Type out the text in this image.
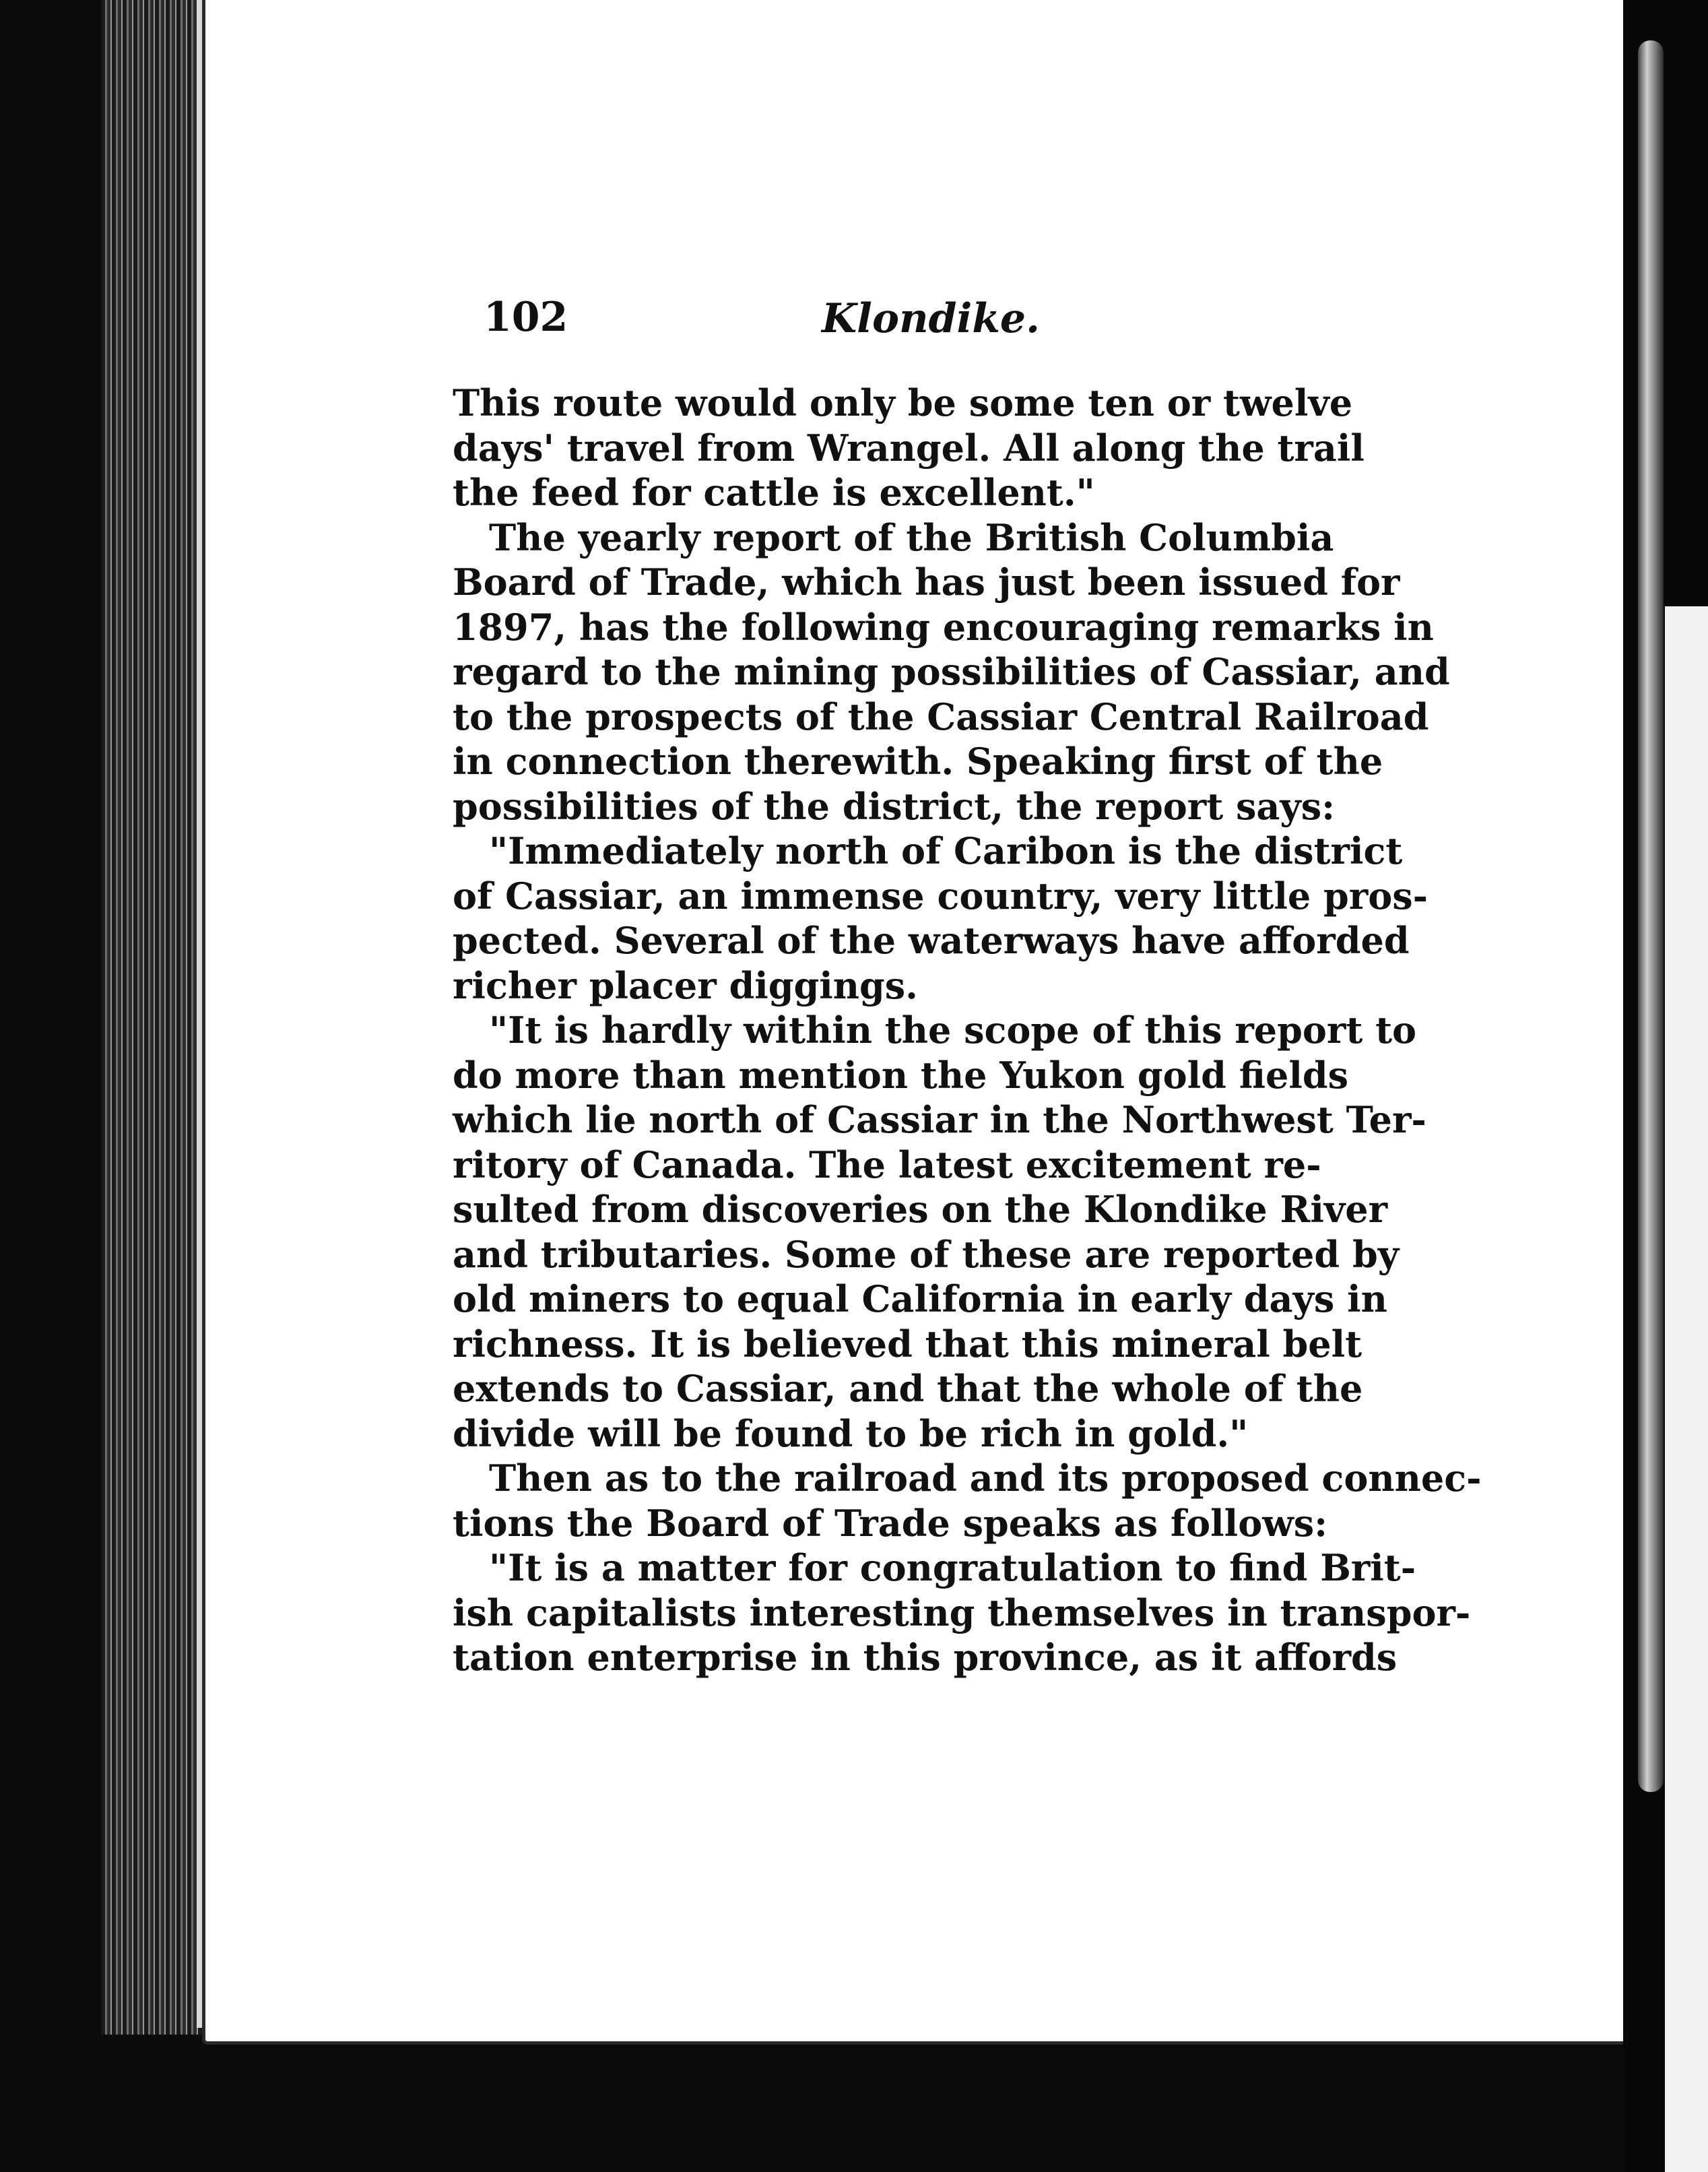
102	Klondike.
This route would only be some ten or twelve
days' travel from Wrangel. All along the trail
the feed for cattle is excellent."
The yearly report of the British Columbia
Board of Trade, which has just been issued for
1897, has the following encouraging remarks in
regard to the mining possibilities of Cassiar, and
to the prospects of the Cassiar Central Railroad
in connection therewith. Speaking first of the
possibilities of the district, the report says:
"Immediately north of Caribon is the district
of Cassiar, an immense country, very little pros-
pected. Several of the waterways have afforded
richer placer diggings.
"It is hardly within the scope of this report to
do more than mention the Yukon gold fields
which lie north of Cassiar in the Northwest Ter-
ritory of Canada. The latest excitement re-
sulted from discoveries on the Klondike River
and tributaries. Some of these are reported by
old miners to equal California in early days in
richness. It is believed that this mineral belt
extends to Cassiar, and that the whole of the
divide will be found to be rich in gold."
Then as to the railroad and its proposed connec-
tions the Board of Trade speaks as follows:
"It is a matter for congratulation to find Brit-
ish capitalists interesting themselves in transpor-
tation enterprise in this province, as it affords
